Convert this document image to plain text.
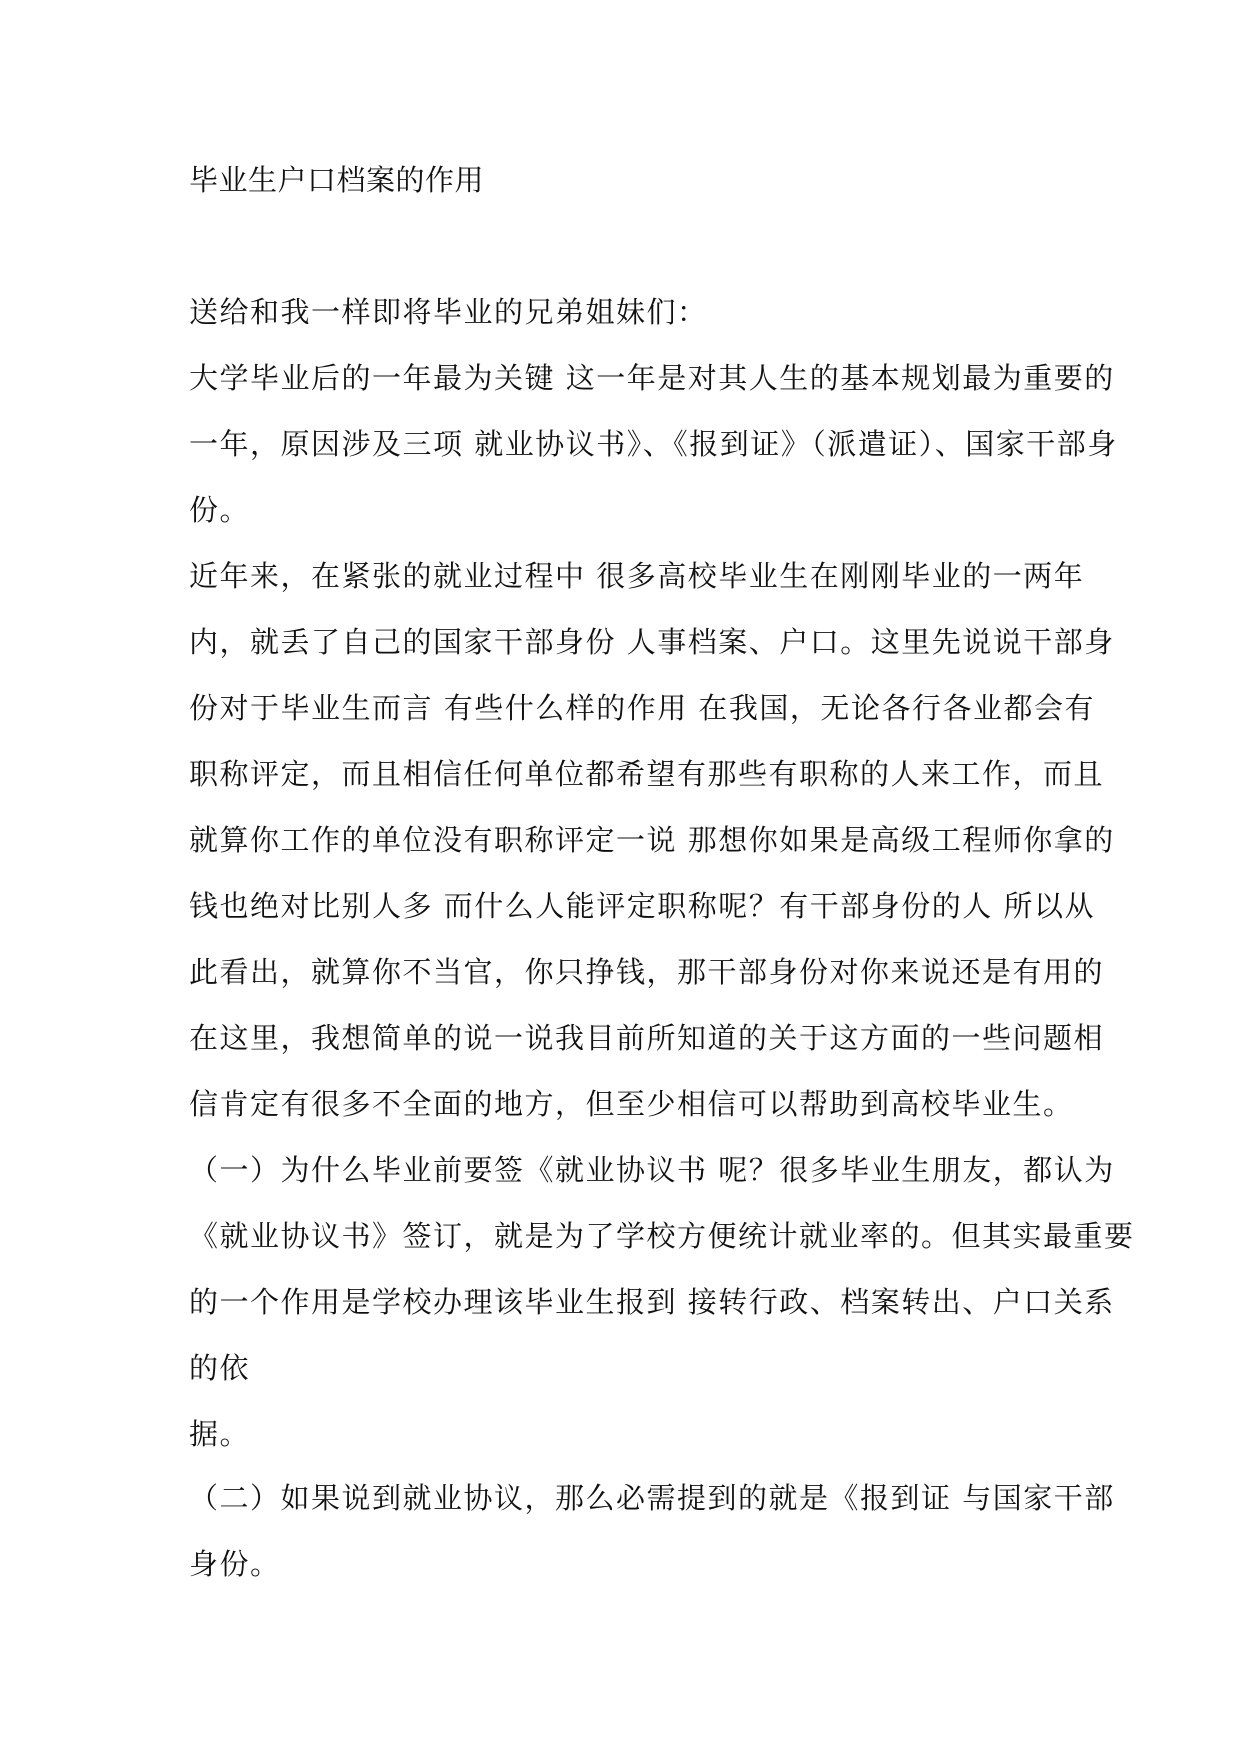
毕业生户口档案的作用
送给和我一样即将毕业的兄弟姐妹们：
大学毕业后的一年最为关键 这一年是对其人生的基本规划最为重要的
一年，原因涉及三项 就业协议书》、《报到证》（派遣证）、国家干部身
份。
近年来，在紧张的就业过程中 很多高校毕业生在刚刚毕业的一两年
内，就丢了自己的国家干部身份 人事档案、户口。这里先说说干部身
份对于毕业生而言 有些什么样的作用 在我国，无论各行各业都会有
职称评定，而且相信任何单位都希望有那些有职称的人来工作，而且
就算你工作的单位没有职称评定一说 那想你如果是高级工程师你拿的
钱也绝对比别人多 而什么人能评定职称呢？有干部身份的人 所以从
此看出，就算你不当官，你只挣钱，那干部身份对你来说还是有用的
在这里，我想简单的说一说我目前所知道的关于这方面的一些问题相
信肯定有很多不全面的地方，但至少相信可以帮助到高校毕业生。
（一）为什么毕业前要签《就业协议书 呢？很多毕业生朋友，都认为
《就业协议书》签订，就是为了学校方便统计就业率的。但其实最重要
的一个作用是学校办理该毕业生报到 接转行政、档案转出、户口关系
的依
据。
（二）如果说到就业协议，那么必需提到的就是《报到证 与国家干部
身份。
